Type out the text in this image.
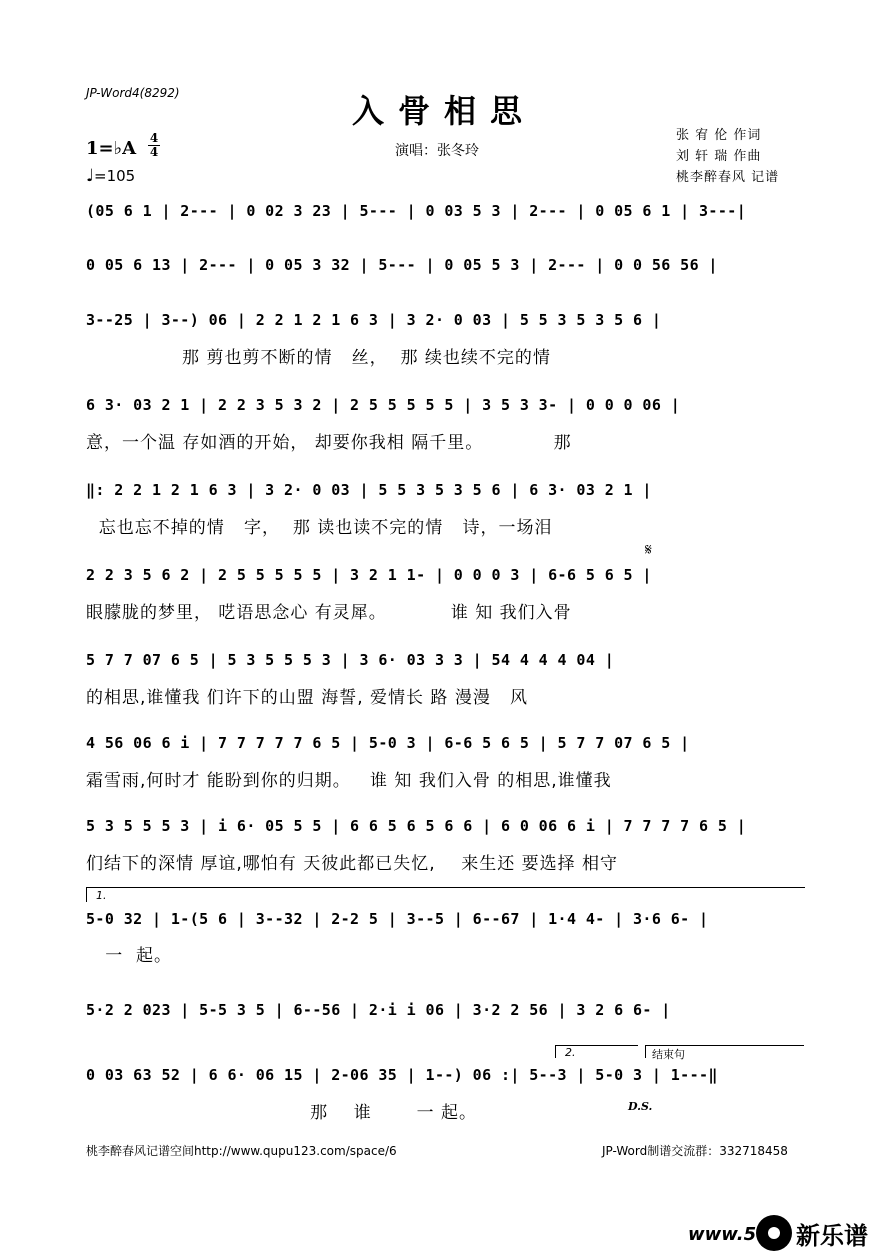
JP-Word4(8292)	入骨相思
演唱：张冬玲
张 宥 伦 作词
刘 轩 瑞 作曲
桃李醉春风 记谱
1=♭A 4
4
♩=105
(05 6 1 | 2--- | 0 02 3 23 | 5--- | 0 03 5 3 | 2--- | 0 05 6 1 | 3---|
0 05 6 13 | 2--- | 0 05 3 32 | 5--- | 0 05 5 3 | 2--- | 0 0 56 56 |
3--25 | 3--) 06 | 2 2 1 2 1 6 3 | 3 2· 0 03 | 5 5 3 5 3 5 6 |
那 剪也剪不断的情   丝，  那 续也续不完的情
6 3· 03 2 1 | 2 2 3 5 3 2 | 2 5 5 5 5 5 | 3 5 3 3- | 0 0 0 06 |
意，一个温 存如酒的开始， 却要你我相 隔千里。           那
‖: 2 2 1 2 1 6 3 | 3 2· 0 03 | 5 5 3 5 3 5 6 | 6 3· 03 2 1 |
忘也忘不掉的情   字，  那 读也读不完的情   诗，一场泪
𝄋
2 2 3 5 6 2 | 2 5 5 5 5 5 | 3 2 1 1- | 0 0 0 3 | 6-6 5 6 5 |
眼朦胧的梦里， 呓语思念心 有灵犀。          谁 知 我们入骨
5 7 7 07 6 5 | 5 3 5 5 5 3 | 3 6· 03 3 3 | 54 4 4 4 04 |
的相思,谁懂我 们许下的山盟 海誓, 爱情长 路 漫漫   风
4 56 06 6 i | 7 7 7 7 7 6 5 | 5-0 3 | 6-6 5 6 5 | 5 7 7 07 6 5 |
霜雪雨,何时才 能盼到你的归期。   谁 知 我们入骨 的相思,谁懂我
5 3 5 5 5 3 | i 6· 05 5 5 | 6 6 5 6 5 6 6 | 6 0 06 6 i | 7 7 7 7 6 5 |
们结下的深情 厚谊,哪怕有 天彼此都已失忆,    来生还 要选择 相守
1.
5-0 32 | 1-(5 6 | 3--32 | 2-2 5 | 3--5 | 6--67 | 1·4 4- | 3·6 6- |
一  起。
5·2 2 023 | 5-5 3 5 | 6--56 | 2·i i 06 | 3·2 2 56 | 3 2 6 6- |
2.	结束句
0 03 63 52 | 6 6· 06 15 | 2-06 35 | 1--) 06 :| 5--3 | 5-0 3 | 1---‖
那    谁       一 起。	D.S.
桃李醉春风记谱空间http://www.qupu123.com/space/6	JP-Word制谱交流群：332718458
www.5 新乐谱
